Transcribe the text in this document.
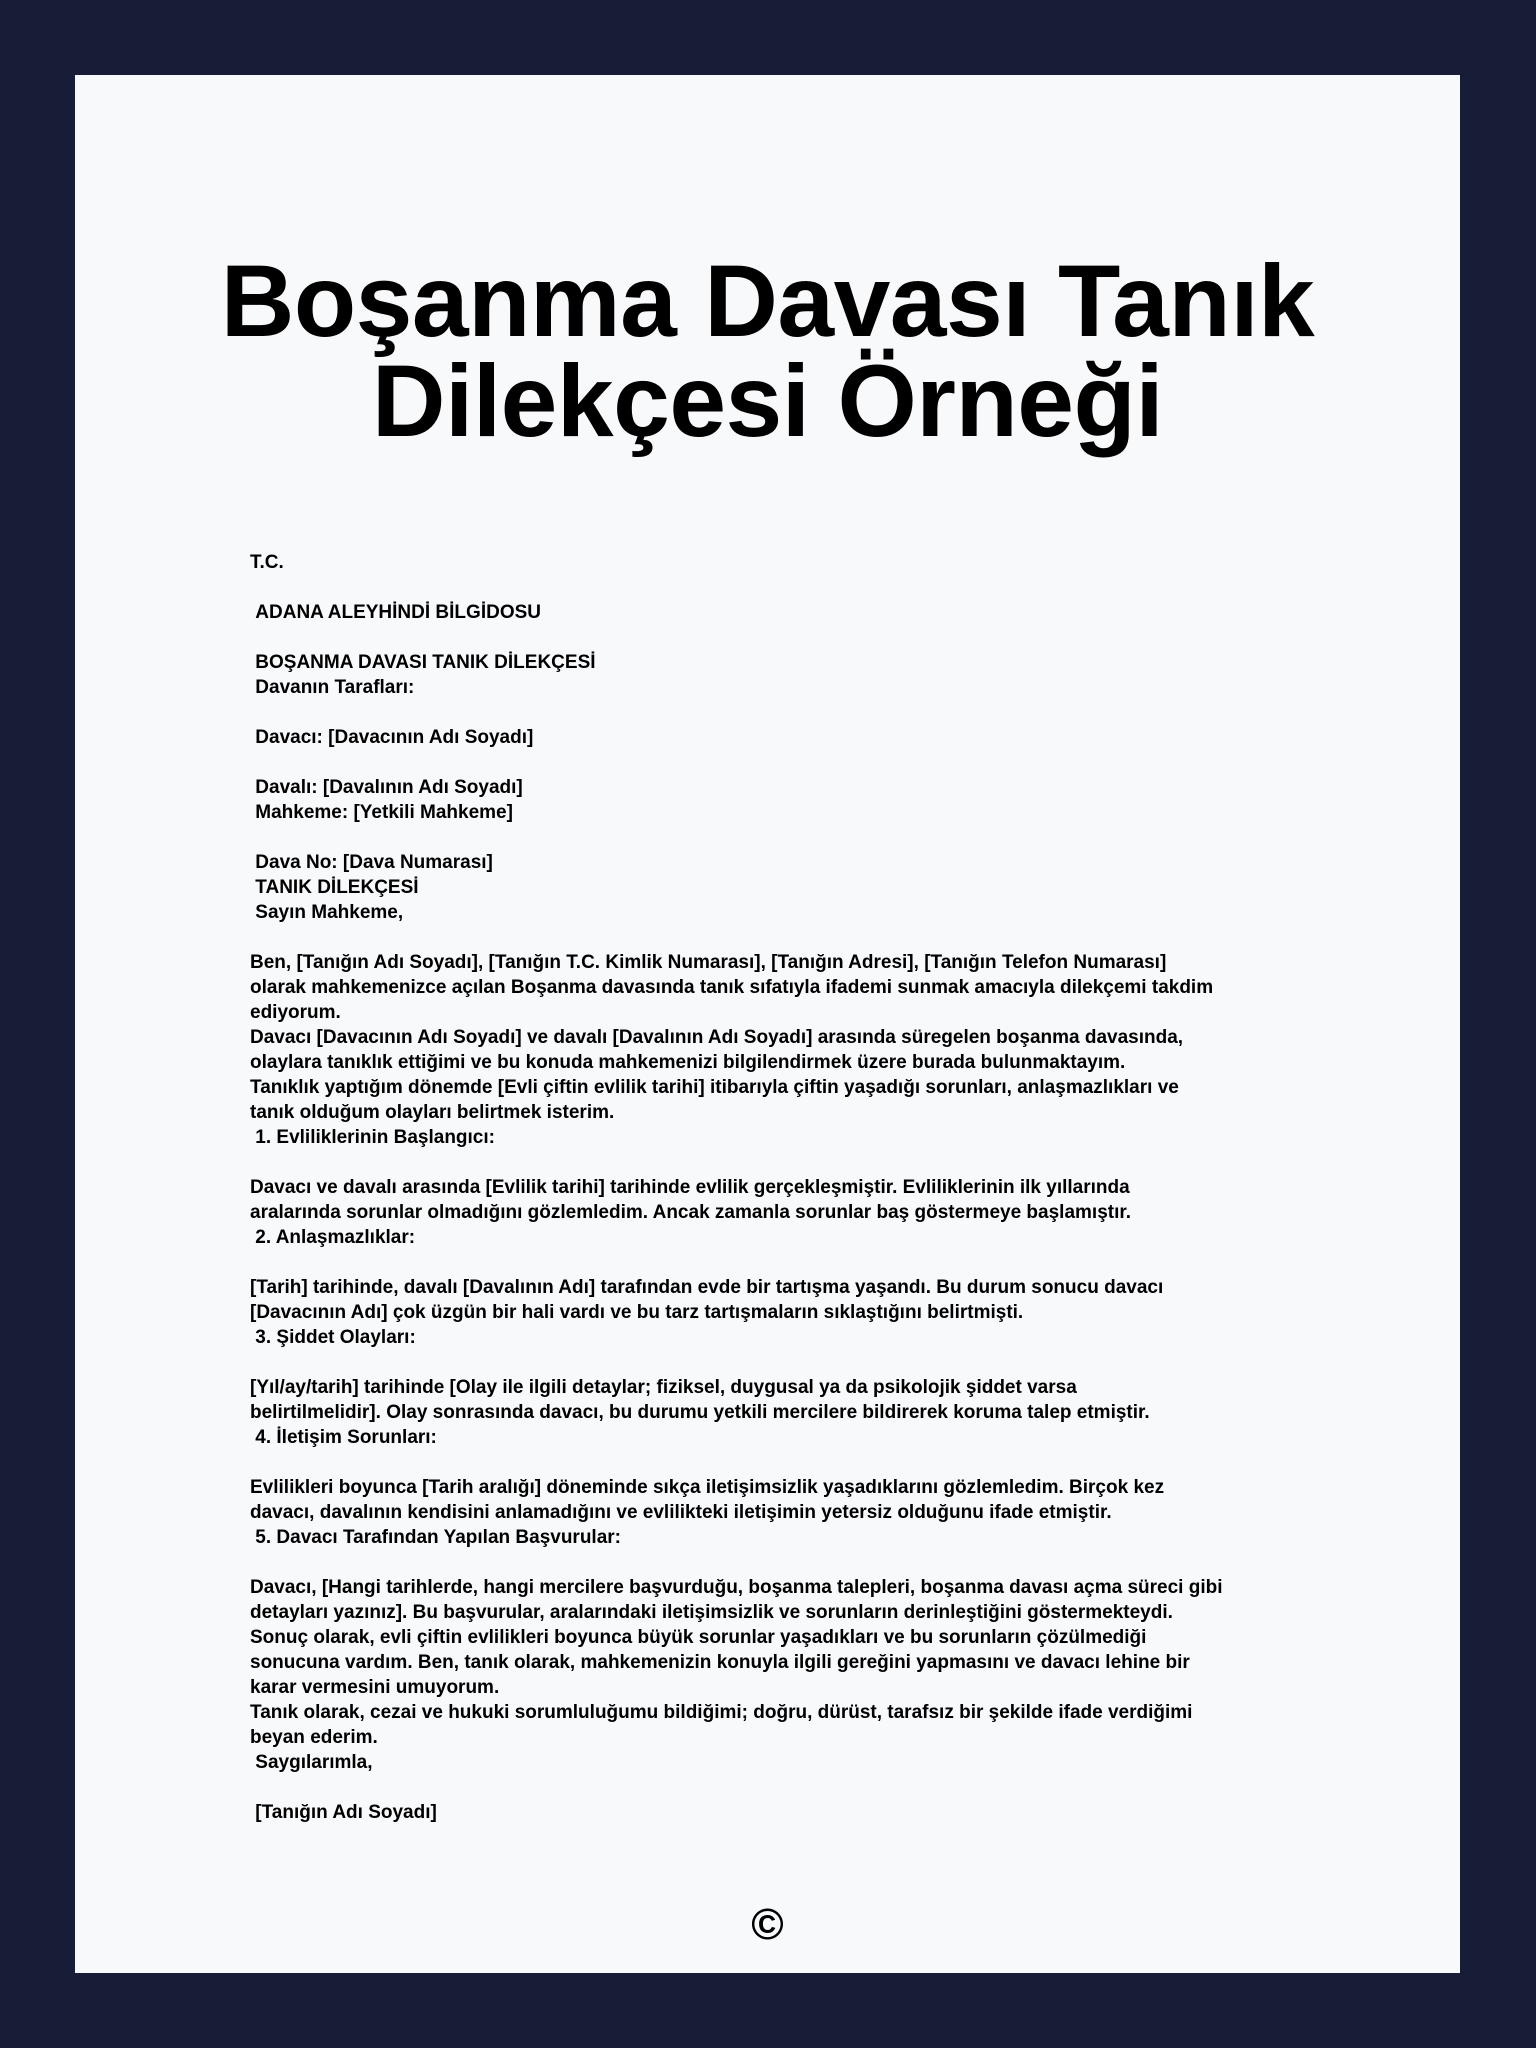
Boşanma Davası Tanık Dilekçesi Örneği
T.C.
ADANA ALEYHİNDİ BİLGİDOSU
BOŞANMA DAVASI TANIK DİLEKÇESİ
Davanın Tarafları:
Davacı: [Davacının Adı Soyadı]
Davalı: [Davalının Adı Soyadı]
Mahkeme: [Yetkili Mahkeme]
Dava No: [Dava Numarası]
TANIK DİLEKÇESİ
Sayın Mahkeme,
Ben, [Tanığın Adı Soyadı], [Tanığın T.C. Kimlik Numarası], [Tanığın Adresi], [Tanığın Telefon Numarası]
olarak mahkemenizce açılan Boşanma davasında tanık sıfatıyla ifademi sunmak amacıyla dilekçemi takdim
ediyorum.
Davacı [Davacının Adı Soyadı] ve davalı [Davalının Adı Soyadı] arasında süregelen boşanma davasında,
olaylara tanıklık ettiğimi ve bu konuda mahkemenizi bilgilendirmek üzere burada bulunmaktayım.
Tanıklık yaptığım dönemde [Evli çiftin evlilik tarihi] itibarıyla çiftin yaşadığı sorunları, anlaşmazlıkları ve
tanık olduğum olayları belirtmek isterim.
1. Evliliklerinin Başlangıcı:
Davacı ve davalı arasında [Evlilik tarihi] tarihinde evlilik gerçekleşmiştir. Evliliklerinin ilk yıllarında
aralarında sorunlar olmadığını gözlemledim. Ancak zamanla sorunlar baş göstermeye başlamıştır.
2. Anlaşmazlıklar:
[Tarih] tarihinde, davalı [Davalının Adı] tarafından evde bir tartışma yaşandı. Bu durum sonucu davacı
[Davacının Adı] çok üzgün bir hali vardı ve bu tarz tartışmaların sıklaştığını belirtmişti.
3. Şiddet Olayları:
[Yıl/ay/tarih] tarihinde [Olay ile ilgili detaylar; fiziksel, duygusal ya da psikolojik şiddet varsa
belirtilmelidir]. Olay sonrasında davacı, bu durumu yetkili mercilere bildirerek koruma talep etmiştir.
4. İletişim Sorunları:
Evlilikleri boyunca [Tarih aralığı] döneminde sıkça iletişimsizlik yaşadıklarını gözlemledim. Birçok kez
davacı, davalının kendisini anlamadığını ve evlilikteki iletişimin yetersiz olduğunu ifade etmiştir.
5. Davacı Tarafından Yapılan Başvurular:
Davacı, [Hangi tarihlerde, hangi mercilere başvurduğu, boşanma talepleri, boşanma davası açma süreci gibi
detayları yazınız]. Bu başvurular, aralarındaki iletişimsizlik ve sorunların derinleştiğini göstermekteydi.
Sonuç olarak, evli çiftin evlilikleri boyunca büyük sorunlar yaşadıkları ve bu sorunların çözülmediği
sonucuna vardım. Ben, tanık olarak, mahkemenizin konuyla ilgili gereğini yapmasını ve davacı lehine bir
karar vermesini umuyorum.
Tanık olarak, cezai ve hukuki sorumluluğumu bildiğimi; doğru, dürüst, tarafsız bir şekilde ifade verdiğimi
beyan ederim.
Saygılarımla,
[Tanığın Adı Soyadı]
©
